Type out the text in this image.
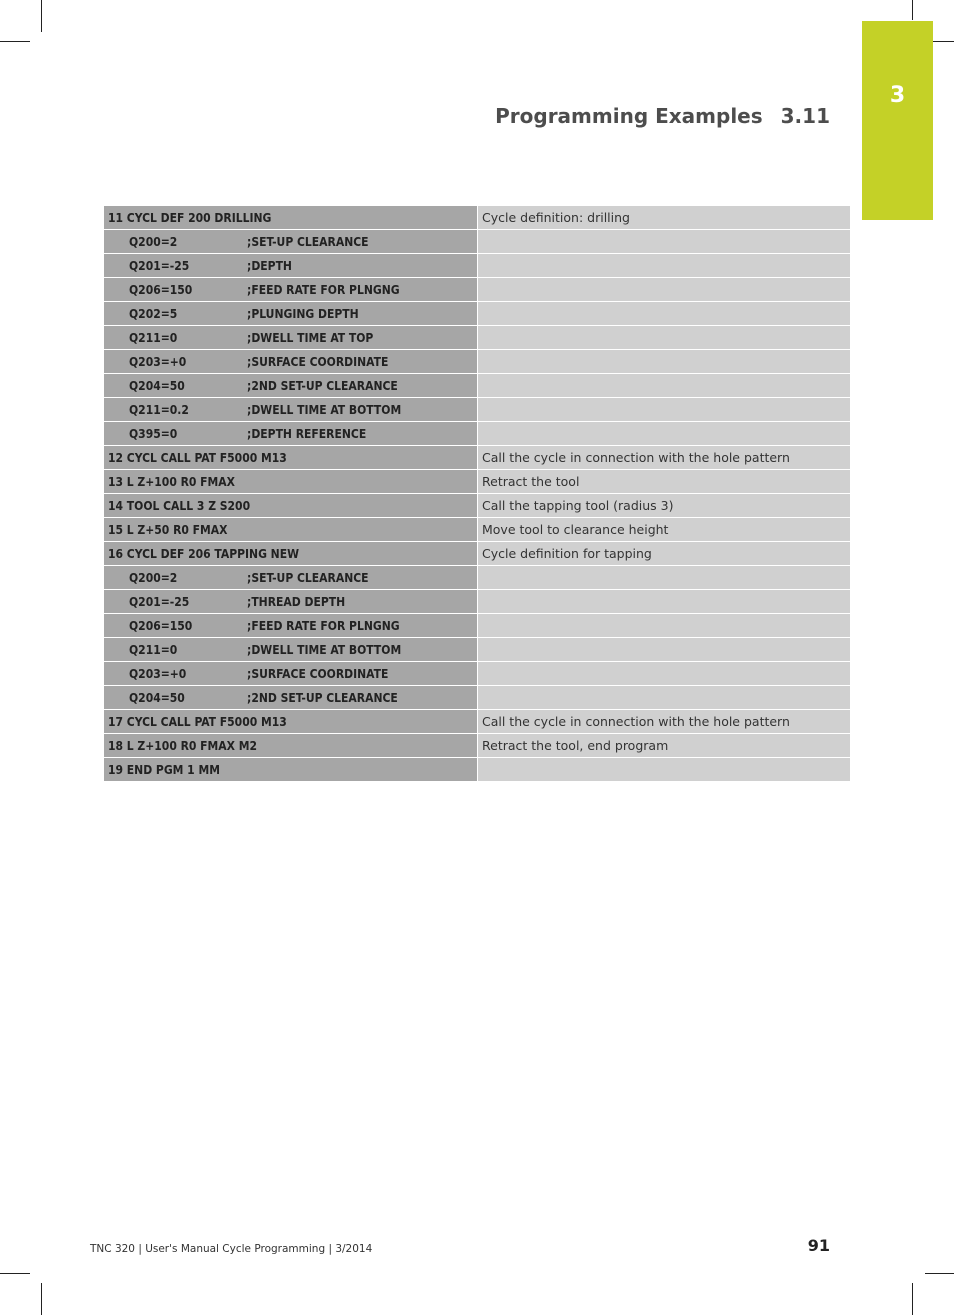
3
Programming Examples 3.11
11 CYCL DEF 200 DRILLING	Cycle definition: drilling
Q200=2 ;SET-UP CLEARANCE	
Q201=-25 ;DEPTH	
Q206=150 ;FEED RATE FOR PLNGNG	
Q202=5 ;PLUNGING DEPTH	
Q211=0 ;DWELL TIME AT TOP	
Q203=+0 ;SURFACE COORDINATE	
Q204=50 ;2ND SET-UP CLEARANCE	
Q211=0.2 ;DWELL TIME AT BOTTOM	
Q395=0 ;DEPTH REFERENCE	
12 CYCL CALL PAT F5000 M13	Call the cycle in connection with the hole pattern
13 L Z+100 R0 FMAX	Retract the tool
14 TOOL CALL 3 Z S200	Call the tapping tool (radius 3)
15 L Z+50 R0 FMAX	Move tool to clearance height
16 CYCL DEF 206 TAPPING NEW	Cycle definition for tapping
Q200=2 ;SET-UP CLEARANCE	
Q201=-25 ;THREAD DEPTH	
Q206=150 ;FEED RATE FOR PLNGNG	
Q211=0 ;DWELL TIME AT BOTTOM	
Q203=+0 ;SURFACE COORDINATE	
Q204=50 ;2ND SET-UP CLEARANCE	
17 CYCL CALL PAT F5000 M13	Call the cycle in connection with the hole pattern
18 L Z+100 R0 FMAX M2	Retract the tool, end program
19 END PGM 1 MM	
TNC 320 | User's Manual Cycle Programming | 3/2014	91
